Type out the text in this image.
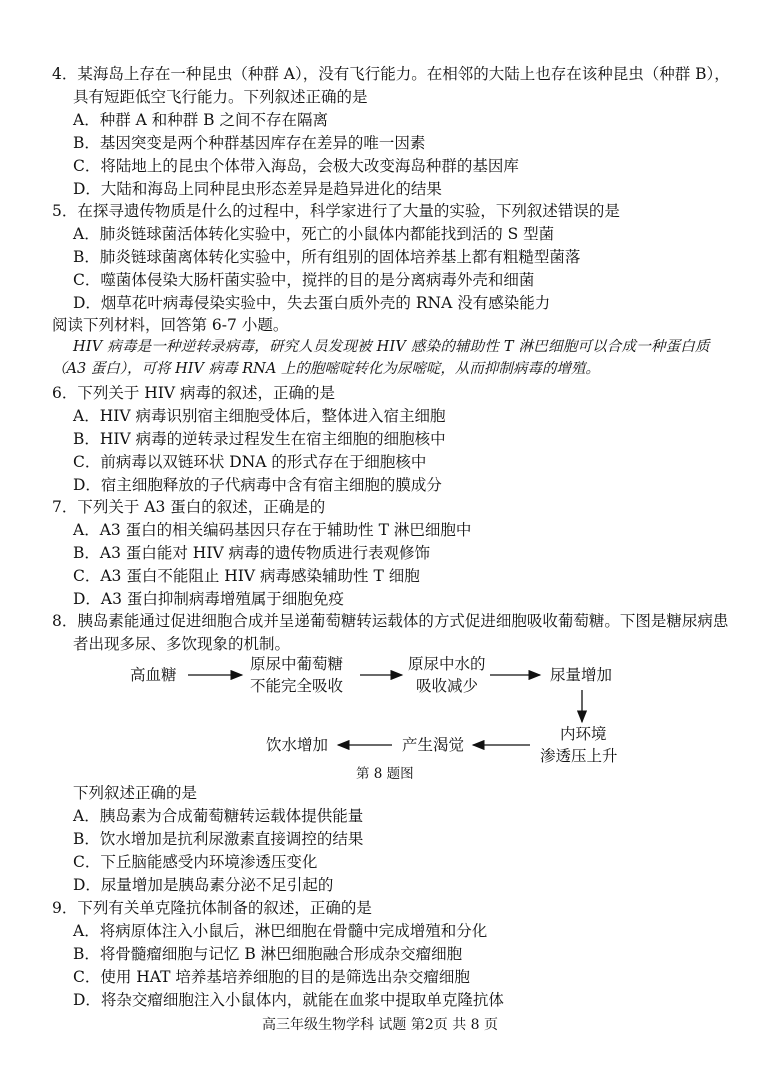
4．某海岛上存在一种昆虫（种群 A），没有飞行能力。在相邻的大陆上也存在该种昆虫（种群 B），
具有短距低空飞行能力。下列叙述正确的是
A．种群 A 和种群 B 之间不存在隔离
B．基因突变是两个种群基因库存在差异的唯一因素
C．将陆地上的昆虫个体带入海岛，会极大改变海岛种群的基因库
D．大陆和海岛上同种昆虫形态差异是趋异进化的结果
5．在探寻遗传物质是什么的过程中，科学家进行了大量的实验，下列叙述错误的是
A．肺炎链球菌活体转化实验中，死亡的小鼠体内都能找到活的 S 型菌
B．肺炎链球菌离体转化实验中，所有组别的固体培养基上都有粗糙型菌落
C．噬菌体侵染大肠杆菌实验中，搅拌的目的是分离病毒外壳和细菌
D．烟草花叶病毒侵染实验中，失去蛋白质外壳的 RNA 没有感染能力
阅读下列材料，回答第 6-7 小题。
HIV 病毒是一种逆转录病毒，研究人员发现被 HIV 感染的辅助性 T 淋巴细胞可以合成一种蛋白质
（A3 蛋白），可将 HIV 病毒 RNA 上的胞嘧啶转化为尿嘧啶，从而抑制病毒的增殖。
6．下列关于 HIV 病毒的叙述，正确的是
A．HIV 病毒识别宿主细胞受体后，整体进入宿主细胞
B．HIV 病毒的逆转录过程发生在宿主细胞的细胞核中
C．前病毒以双链环状 DNA 的形式存在于细胞核中
D．宿主细胞释放的子代病毒中含有宿主细胞的膜成分
7．下列关于 A3 蛋白的叙述，正确是的
A．A3 蛋白的相关编码基因只存在于辅助性 T 淋巴细胞中
B．A3 蛋白能对 HIV 病毒的遗传物质进行表观修饰
C．A3 蛋白不能阻止 HIV 病毒感染辅助性 T 细胞
D．A3 蛋白抑制病毒增殖属于细胞免疫
8．胰岛素能通过促进细胞合成并呈递葡萄糖转运载体的方式促进细胞吸收葡萄糖。下图是糖尿病患
者出现多尿、多饮现象的机制。
高血糖
原尿中葡萄糖
不能完全吸收
原尿中水的
吸收减少
尿量增加
内环境
渗透压上升
产生渴觉
饮水增加
第 8 题图
下列叙述正确的是
A．胰岛素为合成葡萄糖转运载体提供能量
B．饮水增加是抗利尿激素直接调控的结果
C．下丘脑能感受内环境渗透压变化
D．尿量增加是胰岛素分泌不足引起的
9．下列有关单克隆抗体制备的叙述，正确的是
A．将病原体注入小鼠后，淋巴细胞在骨髓中完成增殖和分化
B．将骨髓瘤细胞与记忆 B 淋巴细胞融合形成杂交瘤细胞
C．使用 HAT 培养基培养细胞的目的是筛选出杂交瘤细胞
D．将杂交瘤细胞注入小鼠体内，就能在血浆中提取单克隆抗体
高三年级生物学科 试题 第2页 共 8 页
